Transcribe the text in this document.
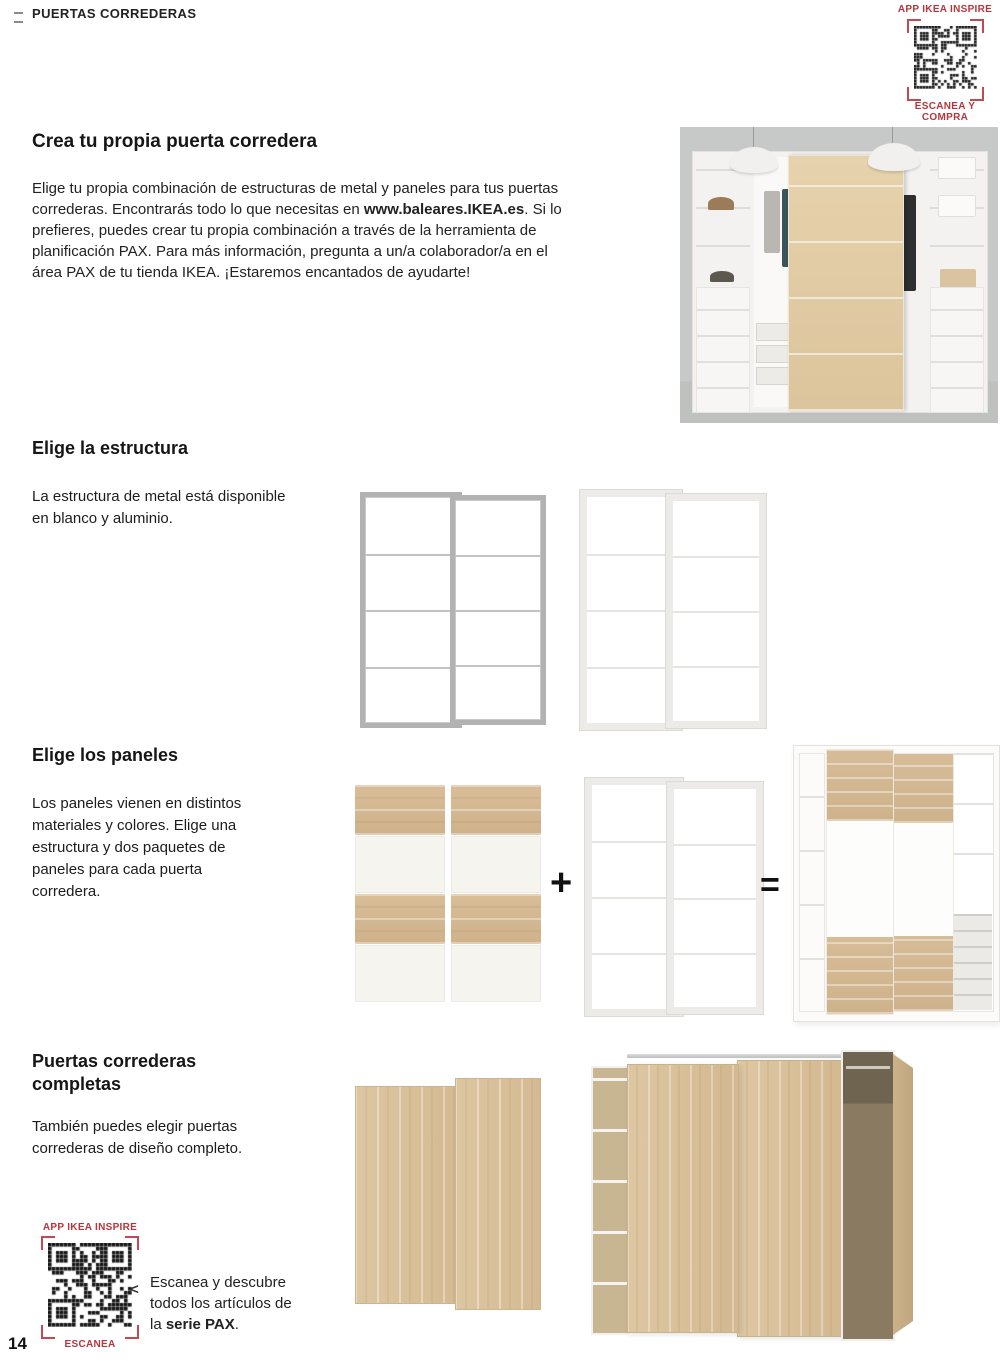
PUERTAS CORREDERAS	APP IKEA INSPIRE
ESCANEA Y COMPRA
Crea tu propia puerta corredera
Elige tu propia combinación de estructuras de metal y paneles para tus puertas correderas. Encontrarás todo lo que necesitas en www.baleares.IKEA.es. Si lo prefieres, puedes crear tu propia combinación a través de la herramienta de planificación PAX. Para más información, pregunta a un/a colaborador/a en el área PAX de tu tienda IKEA. ¡Estaremos encantados de ayudarte!
Elige la estructura
La estructura de metal está disponible en blanco y aluminio.
Elige los paneles
Los paneles vienen en distintos materiales y colores. Elige una estructura y dos paquetes de paneles para cada puerta corredera.	+	=
Puertas correderas completas
También puedes elegir puertas correderas de diseño completo.
APP IKEA INSPIRE
ESCANEA
< Escanea y descubre
todos los artículos de
la serie PAX.
14
